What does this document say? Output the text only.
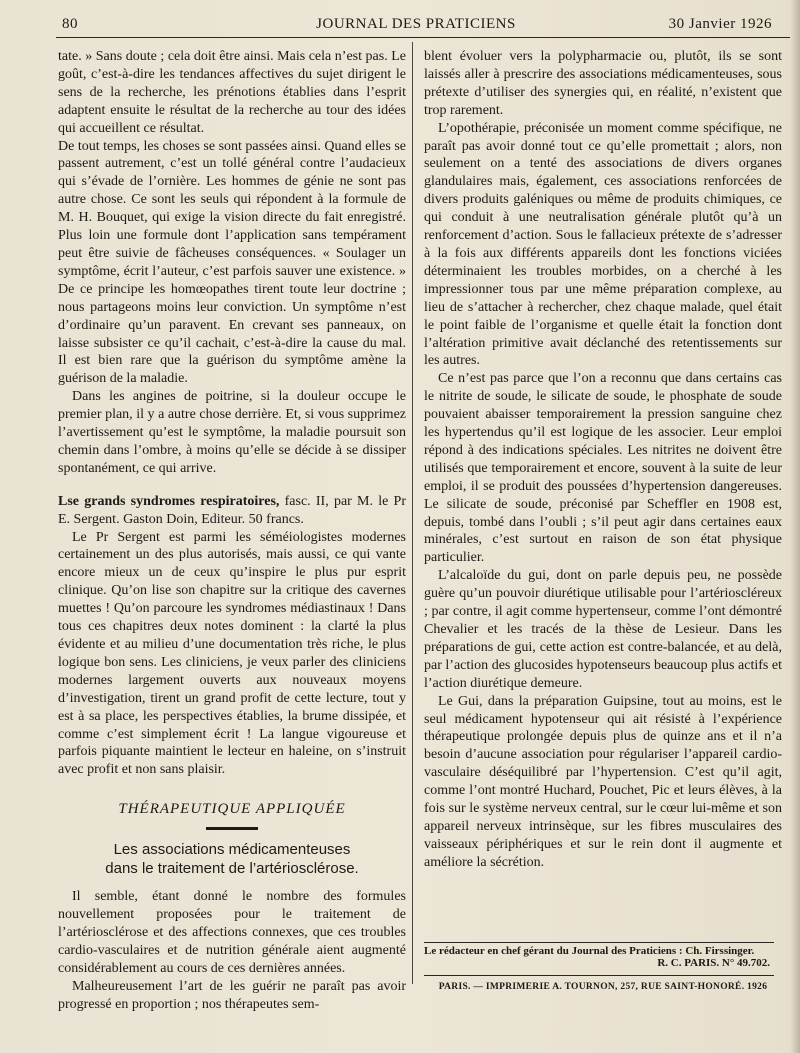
80	JOURNAL DES PRATICIENS	30 Janvier 1926

tate. » Sans doute ; cela doit être ainsi. Mais cela n’est pas. Le goût, c’est-à-dire les tendances affectives du sujet dirigent le sens de la recherche, les prénotions établies dans l’esprit adaptent ensuite le résultat de la recherche au tour des idées qui accueillent ce résultat.

De tout temps, les choses se sont passées ainsi. Quand elles se passent autrement, c’est un tollé général contre l’audacieux qui s’évade de l’ornière. Les hommes de génie ne sont pas autre chose. Ce sont les seuls qui répondent à la formule de M. H. Bouquet, qui exige la vision directe du fait enregistré. Plus loin une formule dont l’application sans tempérament peut être suivie de fâcheuses conséquences. « Soulager un symptôme, écrit l’auteur, c’est parfois sauver une existence. » De ce principe les homœopathes tirent toute leur doctrine ; nous partageons moins leur conviction. Un symptôme n’est d’ordinaire qu’un paravent. En crevant ses panneaux, on laisse subsister ce qu’il cachait, c’est-à-dire la cause du mal. Il est bien rare que la guérison du symptôme amène la guérison de la maladie.

Dans les angines de poitrine, si la douleur occupe le premier plan, il y a autre chose derrière. Et, si vous supprimez l’avertissement qu’est le symptôme, la maladie poursuit son chemin dans l’ombre, à moins qu’elle se décide à se dissiper spontanément, ce qui arrive.

Lse grands syndromes respiratoires, fasc. II, par M. le Pr E. Sergent. Gaston Doin, Editeur. 50 francs.

Le Pr Sergent est parmi les séméiologistes modernes certainement un des plus autorisés, mais aussi, ce qui vante encore mieux un de ceux qu’inspire le plus pur esprit clinique. Qu’on lise son chapitre sur la critique des cavernes muettes ! Qu’on parcoure les syndromes médiastinaux ! Dans tous ces chapitres deux notes dominent : la clarté la plus évidente et au milieu d’une documentation très riche, le plus logique bon sens. Les cliniciens, je veux parler des cliniciens modernes largement ouverts aux nouveaux moyens d’investigation, tirent un grand profit de cette lecture, tout y est à sa place, les perspectives établies, la brume dissipée, et comme c’est simplement écrit ! La langue vigoureuse et parfois piquante maintient le lecteur en haleine, on s’instruit avec profit et non sans plaisir.

THÉRAPEUTIQUE APPLIQUÉE
Les associations médicamenteuses
dans le traitement de l’artériosclérose.

Il semble, étant donné le nombre des formules nouvellement proposées pour le traitement de l’artériosclérose et des affections connexes, que ces troubles cardio-vasculaires et de nutrition générale aient augmenté considérablement au cours de ces dernières années.

Malheureusement l’art de les guérir ne paraît pas avoir progressé en proportion ; nos thérapeutes sem-

blent évoluer vers la polypharmacie ou, plutôt, ils se sont laissés aller à prescrire des associations médicamenteuses, sous prétexte d’utiliser des synergies qui, en réalité, n’existent que trop rarement.

L’opothérapie, préconisée un moment comme spécifique, ne paraît pas avoir donné tout ce qu’elle promettait ; alors, non seulement on a tenté des associations de divers organes glandulaires mais, également, ces associations renforcées de divers produits galéniques ou même de produits chimiques, ce qui conduit à une neutralisation générale plutôt qu’à un renforcement d’action. Sous le fallacieux prétexte de s’adresser à la fois aux différents appareils dont les fonctions viciées déterminaient les troubles morbides, on a cherché à les impressionner tous par une même préparation complexe, au lieu de s’attacher à rechercher, chez chaque malade, quel était le point faible de l’organisme et quelle était la fonction dont l’altération primitive avait déclanché des retentissements sur les autres.

Ce n’est pas parce que l’on a reconnu que dans certains cas le nitrite de soude, le silicate de soude, le phosphate de soude pouvaient abaisser temporairement la pression sanguine chez les hypertendus qu’il est logique de les associer. Leur emploi répond à des indications spéciales. Les nitrites ne doivent être utilisés que temporairement et encore, souvent à la suite de leur emploi, il se produit des poussées d’hypertension dangereuses. Le silicate de soude, préconisé par Scheffler en 1908 est, depuis, tombé dans l’oubli ; s’il peut agir dans certaines eaux minérales, c’est surtout en raison de son état physique particulier.

L’alcaloïde du gui, dont on parle depuis peu, ne possède guère qu’un pouvoir diurétique utilisable pour l’artérioscléreux ; par contre, il agit comme hypertenseur, comme l’ont démontré Chevalier et les tracés de la thèse de Lesieur. Dans les préparations de gui, cette action est contre-balancée, et au delà, par l’action des glucosides hypotenseurs beaucoup plus actifs et l’action diurétique demeure.

Le Gui, dans la préparation Guipsine, tout au moins, est le seul médicament hypotenseur qui ait résisté à l’expérience thérapeutique prolongée depuis plus de quinze ans et il n’a besoin d’aucune association pour régulariser l’appareil cardio-vasculaire déséquilibré par l’hypertension. C’est qu’il agit, comme l’ont montré Huchard, Pouchet, Pic et leurs élèves, à la fois sur le système nerveux central, sur le cœur lui-même et son appareil nerveux intrinsèque, sur les fibres musculaires des vaisseaux périphériques et sur le rein dont il augmente et améliore la sécrétion.

Le rédacteur en chef gérant du Journal des Praticiens : Ch. Firssinger.
R. C. PARIS. N° 49.702.
PARIS. — IMPRIMERIE A. TOURNON, 257, RUE SAINT-HONORÉ. 1926
